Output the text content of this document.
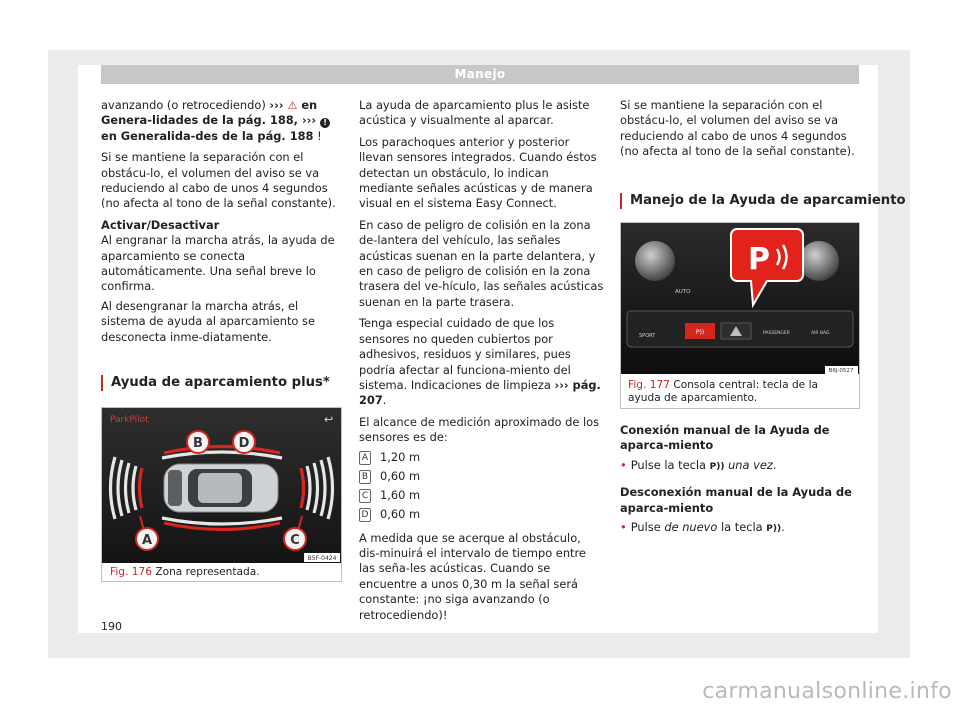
Manejo

avanzando (o retrocediendo) ››› ⚠ en Genera-lidades de la pág. 188, ››› ! en Generalida-des de la pág. 188 !

Si se mantiene la separación con el obstácu-lo, el volumen del aviso se va reduciendo al cabo de unos 4 segundos (no afecta al tono de la señal constante).

Activar/Desactivar

Al engranar la marcha atrás, la ayuda de aparcamiento se conecta automáticamente. Una señal breve lo confirma.

Al desengranar la marcha atrás, el sistema de ayuda al aparcamiento se desconecta inme-diatamente.

Ayuda de aparcamiento plus*
ParkPilot	↩
B	D
A	C
B5F-0424
Fig. 176 Zona representada.

La ayuda de aparcamiento plus le asiste acústica y visualmente al aparcar.

Los parachoques anterior y posterior llevan sensores integrados. Cuando éstos detectan un obstáculo, lo indican mediante señales acústicas y de manera visual en el sistema Easy Connect.

En caso de peligro de colisión en la zona de-lantera del vehículo, las señales acústicas suenan en la parte delantera, y en caso de peligro de colisión en la zona trasera del ve-hículo, las señales acústicas suenan en la parte trasera.

Tenga especial cuidado de que los sensores no queden cubiertos por adhesivos, residuos y similares, pues podría afectar al funciona-miento del sistema. Indicaciones de limpieza ››› pág. 207.

El alcance de medición aproximado de los sensores es de:

A 1,20 m
B 0,60 m
C 1,60 m
D 0,60 m

A medida que se acerque al obstáculo, dis-minuirá el intervalo de tiempo entre las seña-les acústicas. Cuando se encuentre a unos 0,30 m la señal será constante: ¡no siga avanzando (o retrocediendo)!

Si se mantiene la separación con el obstácu-lo, el volumen del aviso se va reduciendo al cabo de unos 4 segundos (no afecta al tono de la señal constante).

Manejo de la Ayuda de aparcamiento
AUTO
SPORT	P))	PASSENGER	AIR BAG
P
B6J-0527
Fig. 177 Consola central: tecla de la ayuda de aparcamiento.

Conexión manual de la Ayuda de aparca-miento

• Pulse la tecla P)) una vez.

Desconexión manual de la Ayuda de aparca-miento

• Pulse de nuevo la tecla P)).

190
carmanualsonline.info
